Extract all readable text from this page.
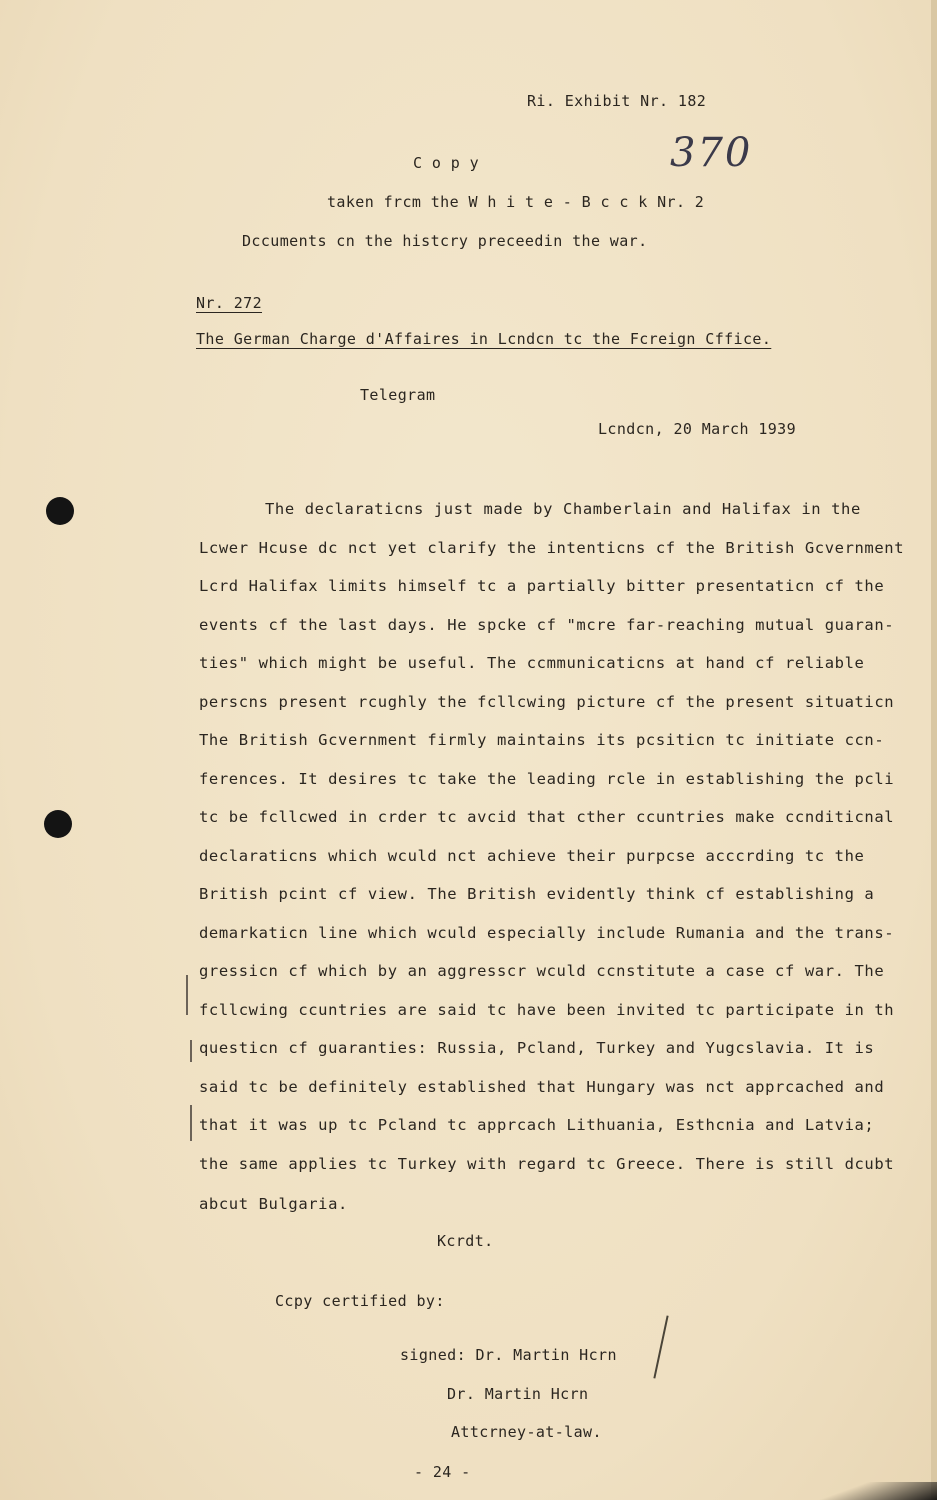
Ri. Exhibit Nr. 182
370
C o p y
taken frcm the W h i t e - B c c k Nr. 2
Dccuments cn the histcry preceedin the war.
Nr. 272
The German Charge d'Affaires in Lcndcn tc the Fcreign Cffice.
Telegram
Lcndcn, 20 March 1939
The declaraticns just made by Chamberlain and Halifax in the
Lcwer Hcuse dc nct yet clarify the intenticns cf the British Gcvernment
Lcrd Halifax limits himself tc a partially bitter presentaticn cf the
events cf the last days. He spcke cf "mcre far-reaching mutual guaran-
ties" which might be useful. The ccmmunicaticns at hand cf reliable
perscns present rcughly the fcllcwing picture cf the present situaticn
The British Gcvernment firmly maintains its pcsiticn tc initiate ccn-
ferences. It desires tc take the leading rcle in establishing the pcli
tc be fcllcwed in crder tc avcid that cther ccuntries make ccnditicnal
declaraticns which wculd nct achieve their purpcse acccrding tc the
British pcint cf view. The British evidently think cf establishing a
demarkaticn line which wculd especially include Rumania and the trans-
gressicn cf which by an aggresscr wculd ccnstitute a case cf war. The
fcllcwing ccuntries are said tc have been invited tc participate in th
questicn cf guaranties: Russia, Pcland, Turkey and Yugcslavia. It is
said tc be definitely established that Hungary was nct apprcached and
that it was up tc Pcland tc apprcach Lithuania, Esthcnia and Latvia;
the same applies tc Turkey with regard tc Greece. There is still dcubt
abcut Bulgaria.
Kcrdt.
Ccpy certified by:
signed: Dr. Martin Hcrn
Dr. Martin Hcrn
Attcrney-at-law.
- 24 -
